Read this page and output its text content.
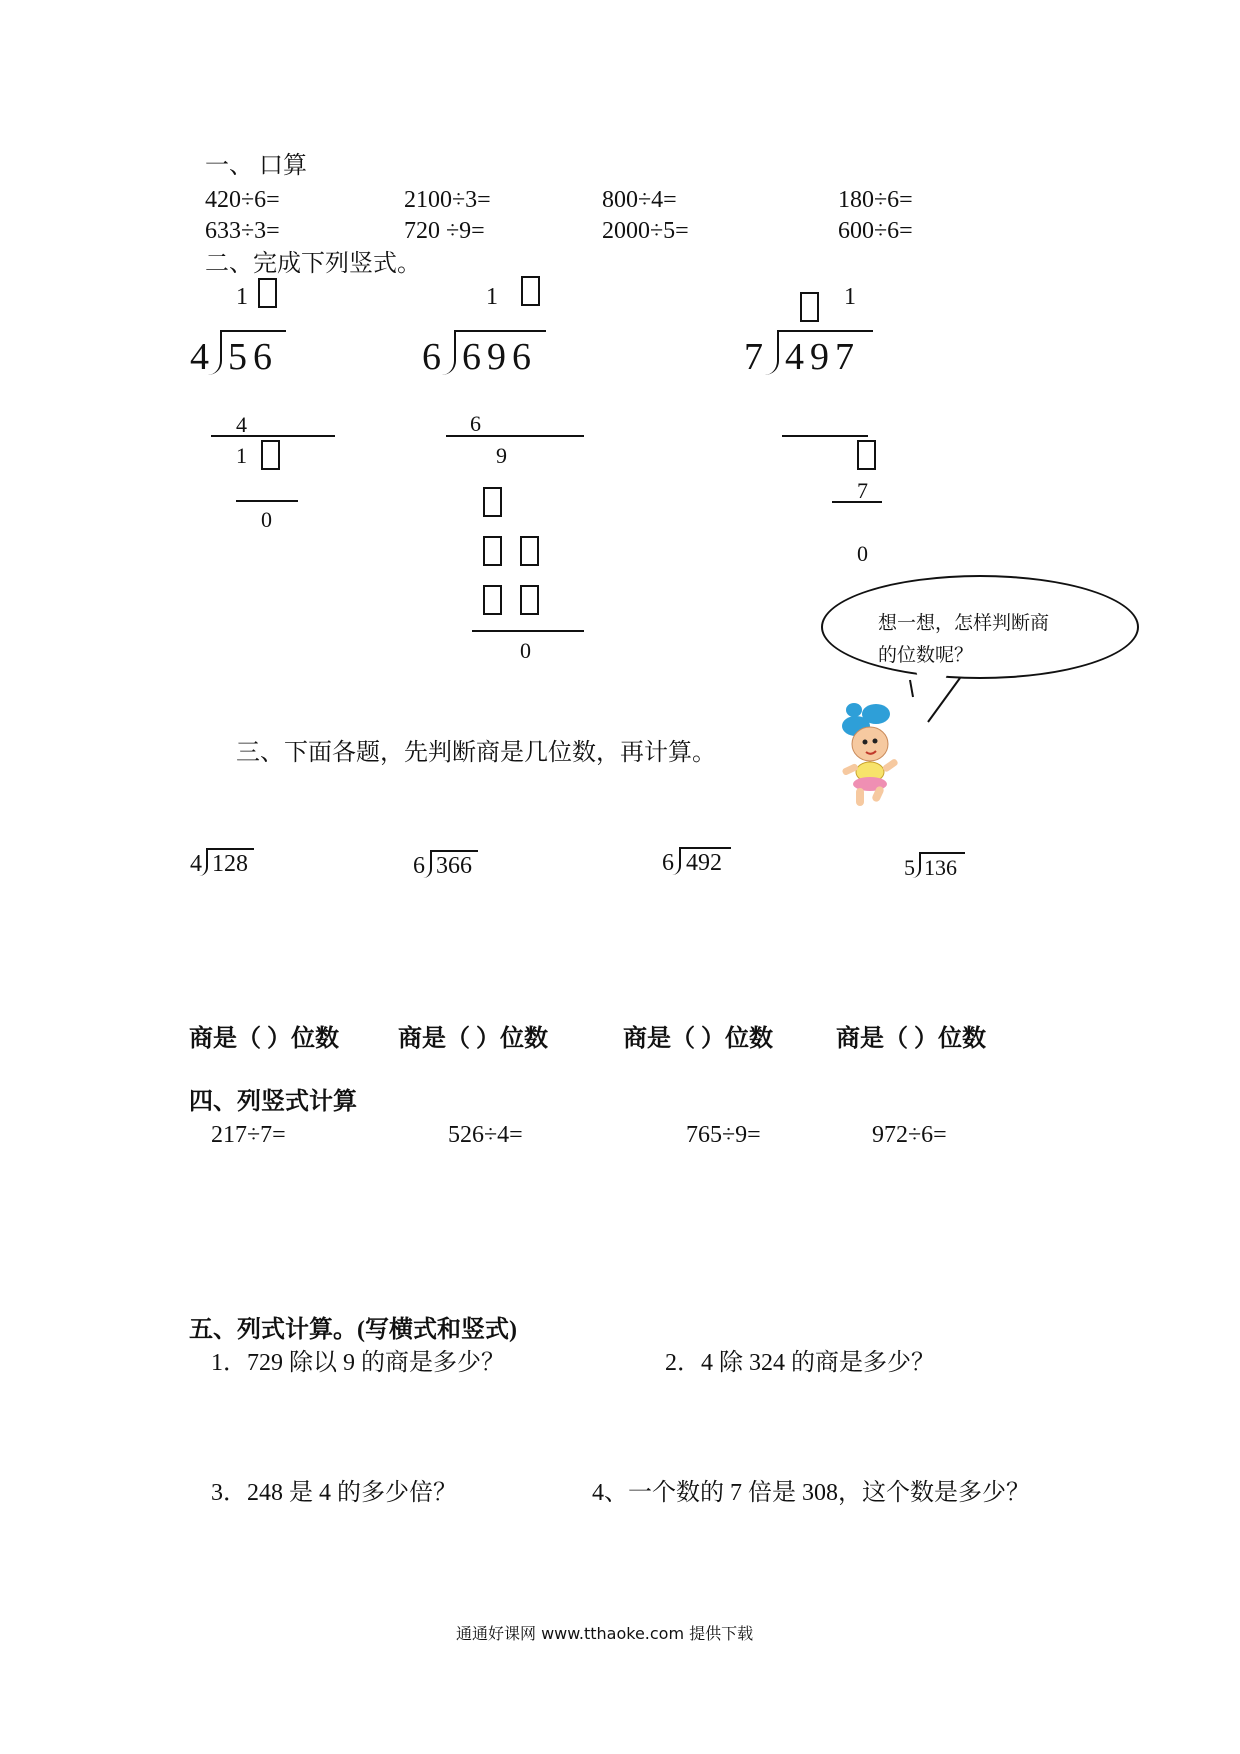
一、 口算
420÷6=	2100÷3=	800÷4=	180÷6=
633÷3=	720 ÷9=	2000÷5=	600÷6=
二、完成下列竖式。
1
4 56
4
1
0
1
6 696
6
9
0
1
7 497
7
0
想一想，怎样判断商
的位数呢？
三、下面各题，先判断商是几位数，再计算。
4 128	6 366	6 492	5 136
商是（ ）位数 商是（ ）位数	商是（ ）位数	商是（ ）位数
四、列竖式计算
217÷7=	526÷4=	765÷9=	972÷6=
五、列式计算。(写横式和竖式)
1．729 除以 9 的商是多少？	2．4 除 324 的商是多少？
3．248 是 4 的多少倍？	4、一个数的 7 倍是 308，这个数是多少？
通通好课网 www.tthaoke.com 提供下载
